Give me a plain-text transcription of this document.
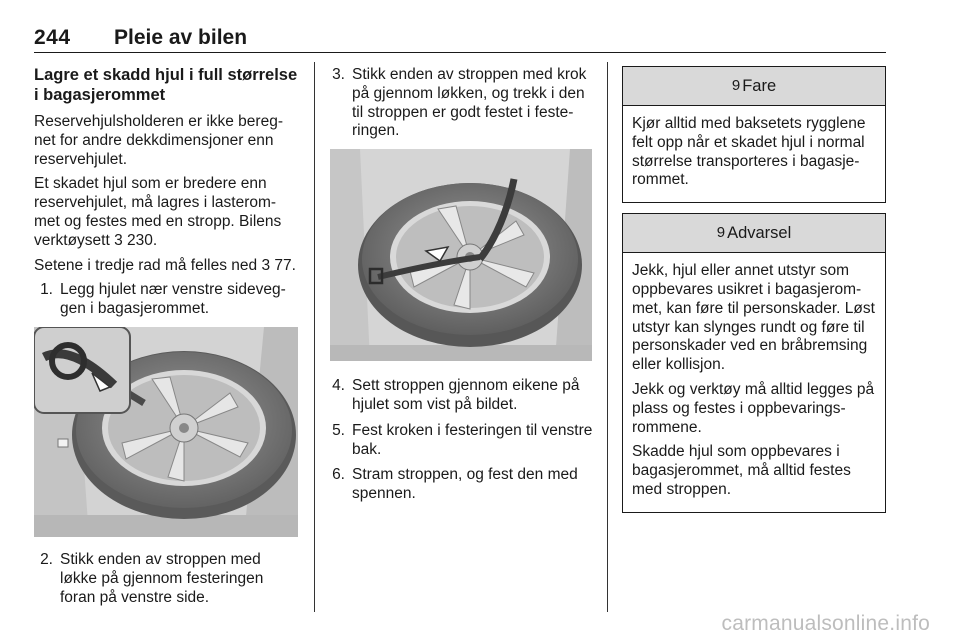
244 Pleie av bilen
Lagre et skadd hjul i full størrelse i bagasjerommet

Reservehjulsholderen er ikke bereg-net for andre dekkdimensjoner enn reservehjulet.

Et skadet hjul som er bredere enn reservehjulet, må lagres i lasterom-met og festes med en stropp. Bilens verktøysett 3 230.

Setene i tredje rad må felles ned 3 77.

1. Legg hjulet nær venstre sideveg-gen i bagasjerommet.
2. Stikk enden av stroppen med løkke på gjennom festeringen foran på venstre side.
3. Stikk enden av stroppen med krok på gjennom løkken, og trekk i den til stroppen er godt festet i feste-ringen.
4. Sett stroppen gjennom eikene på hjulet som vist på bildet.
5. Fest kroken i festeringen til venstre bak.
6. Stram stroppen, og fest den med spennen.
9 Fare

Kjør alltid med baksetets rygglene felt opp når et skadet hjul i normal størrelse transporteres i bagasje-rommet.

9 Advarsel

Jekk, hjul eller annet utstyr som oppbevares usikret i bagasjerom-met, kan føre til personskader. Løst utstyr kan slynges rundt og føre til personskader ved en bråbremsing eller kollisjon.

Jekk og verktøy må alltid legges på plass og festes i oppbevarings-rommene.

Skadde hjul som oppbevares i bagasjerommet, må alltid festes med stroppen.

carmanualsonline.info
